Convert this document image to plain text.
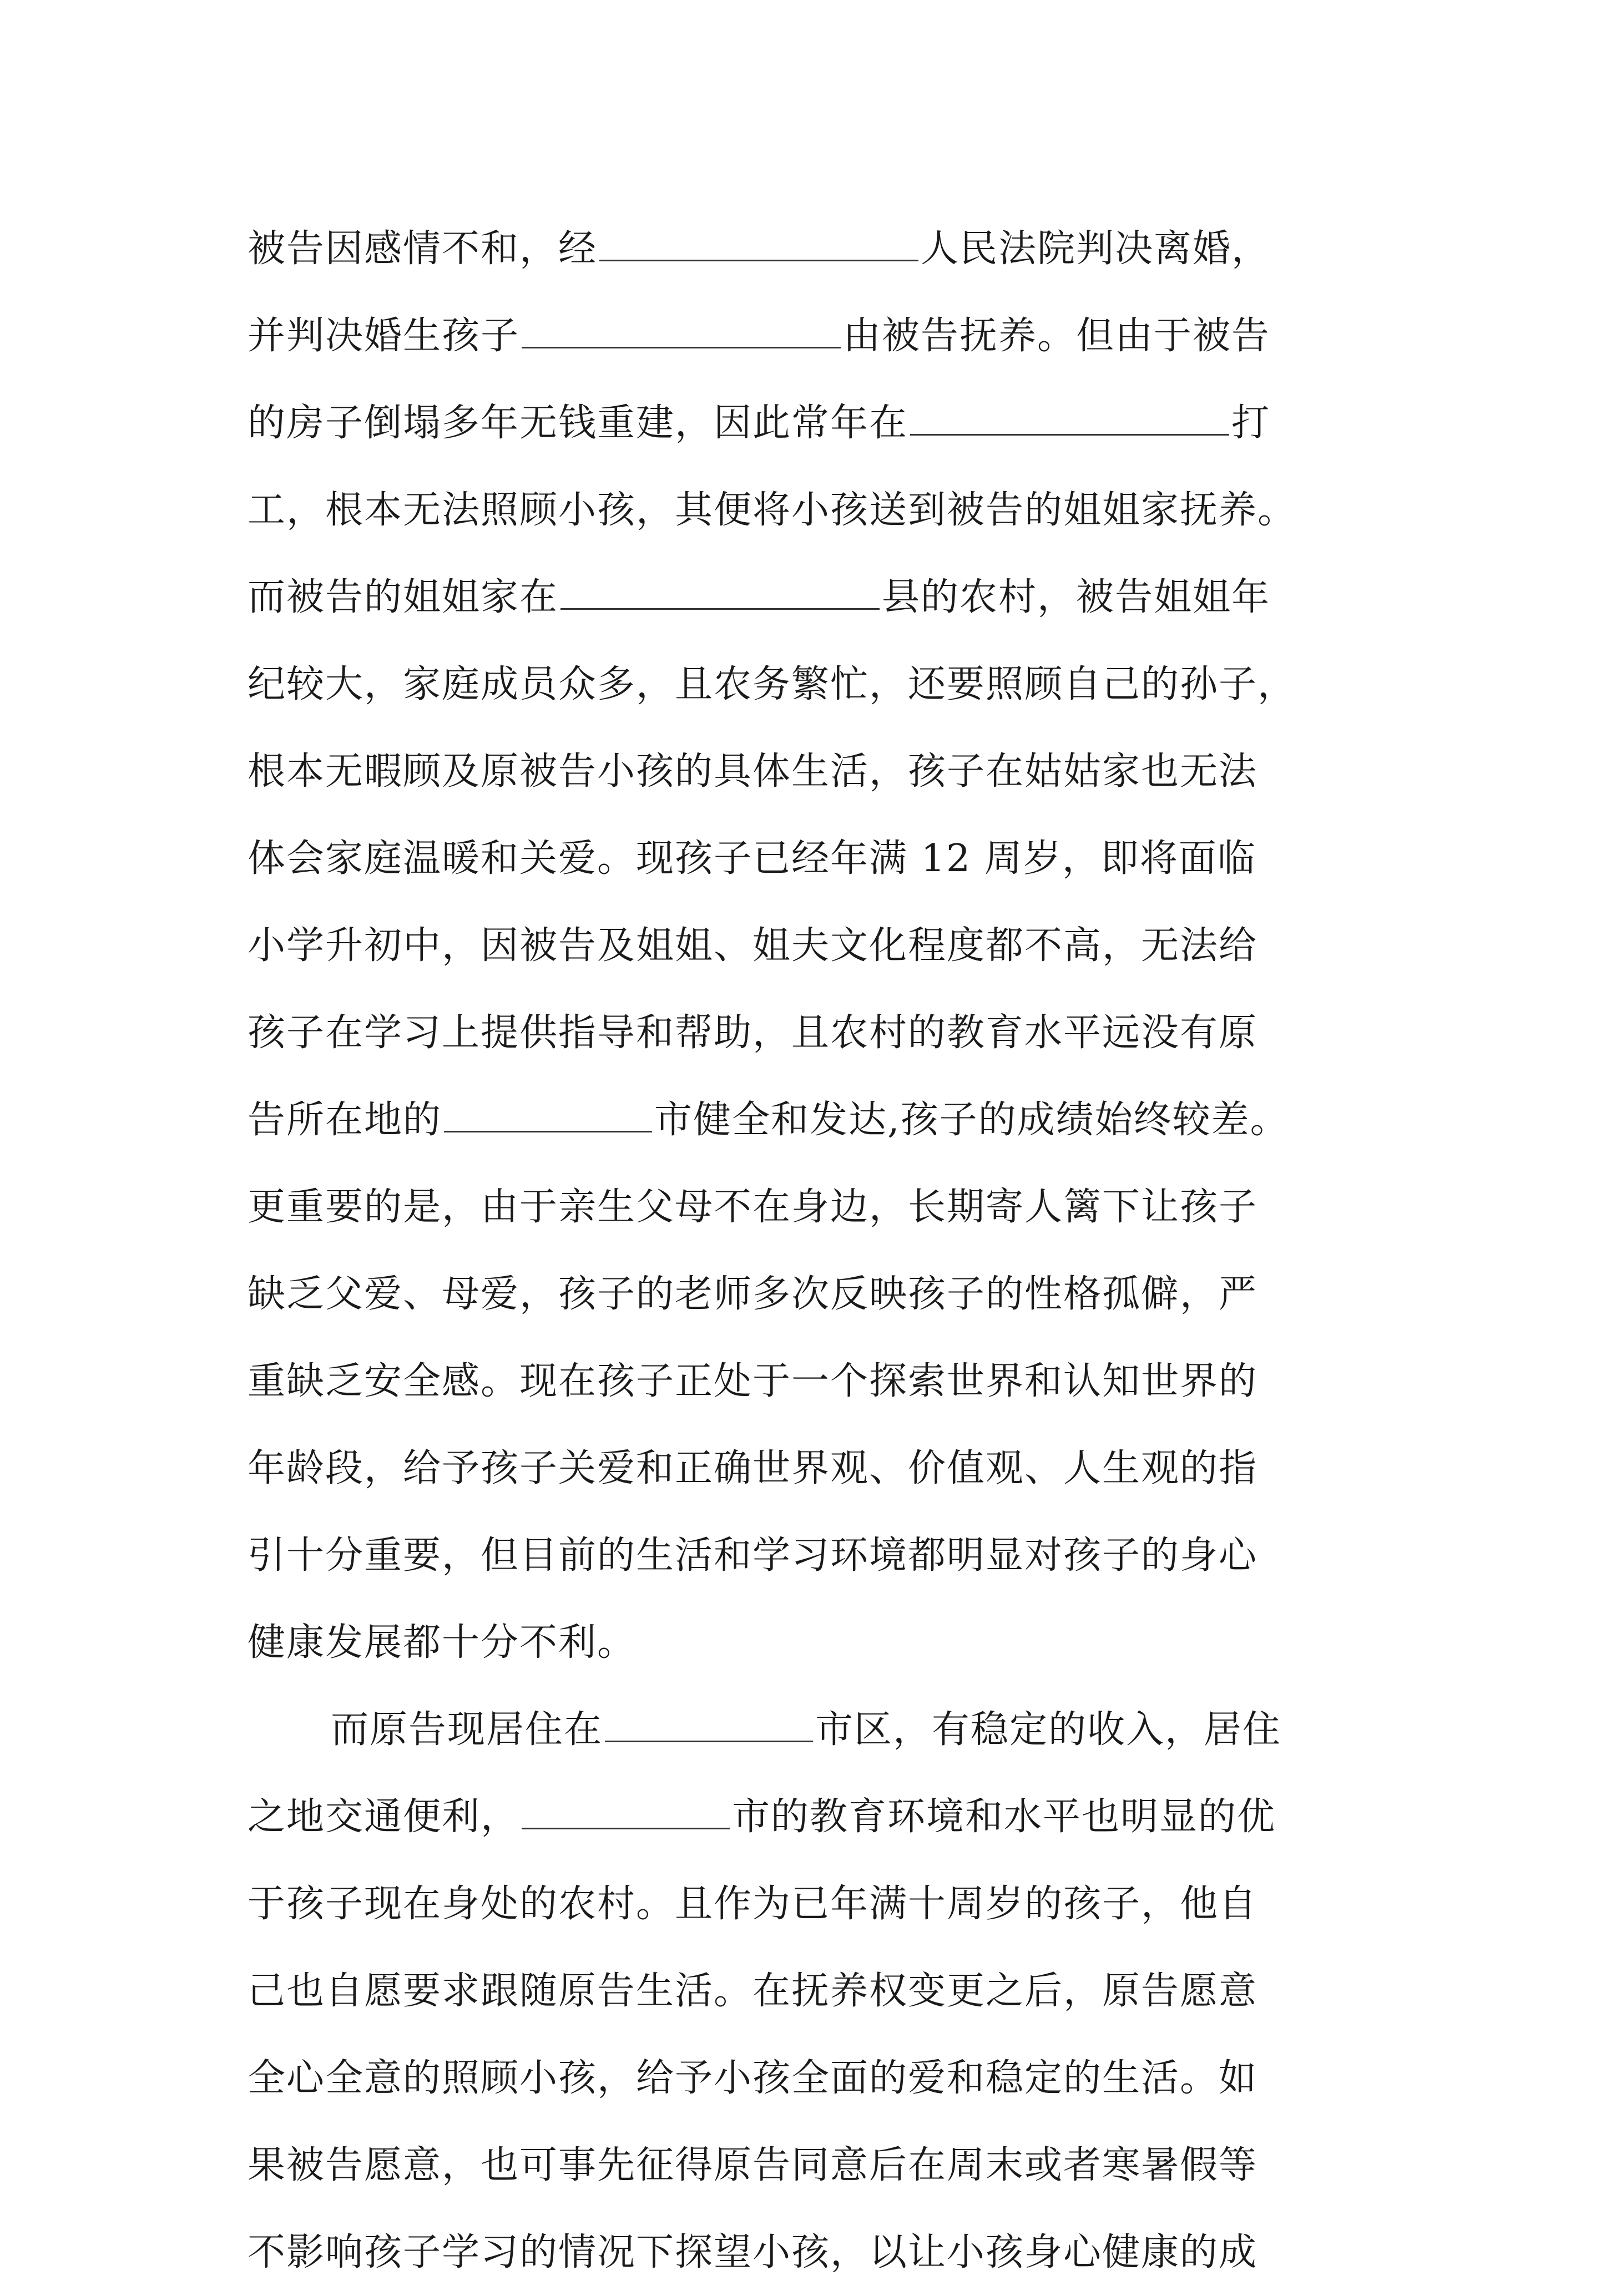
被告因感情不和，经	人民法院判决离婚，
并判决婚生孩子	由被告抚养。但由于被告
的房子倒塌多年无钱重建，因此常年在	打
工，根本无法照顾小孩，其便将小孩送到被告的姐姐家抚养。
而被告的姐姐家在	县的农村，被告姐姐年
纪较大，家庭成员众多，且农务繁忙，还要照顾自己的孙子，
根本无暇顾及原被告小孩的具体生活，孩子在姑姑家也无法
体会家庭温暖和关爱。现孩子已经年满 12 周岁，即将面临
小学升初中，因被告及姐姐、姐夫文化程度都不高，无法给
孩子在学习上提供指导和帮助，且农村的教育水平远没有原
告所在地的	市健全和发达,孩子的成绩始终较差。
更重要的是，由于亲生父母不在身边，长期寄人篱下让孩子
缺乏父爱、母爱，孩子的老师多次反映孩子的性格孤僻，严
重缺乏安全感。现在孩子正处于一个探索世界和认知世界的
年龄段，给予孩子关爱和正确世界观、价值观、人生观的指
引十分重要，但目前的生活和学习环境都明显对孩子的身心
健康发展都十分不利。
而原告现居住在	市区，有稳定的收入，居住
之地交通便利，	市的教育环境和水平也明显的优
于孩子现在身处的农村。且作为已年满十周岁的孩子，他自
己也自愿要求跟随原告生活。在抚养权变更之后，原告愿意
全心全意的照顾小孩，给予小孩全面的爱和稳定的生活。如
果被告愿意，也可事先征得原告同意后在周末或者寒暑假等
不影响孩子学习的情况下探望小孩，以让小孩身心健康的成
